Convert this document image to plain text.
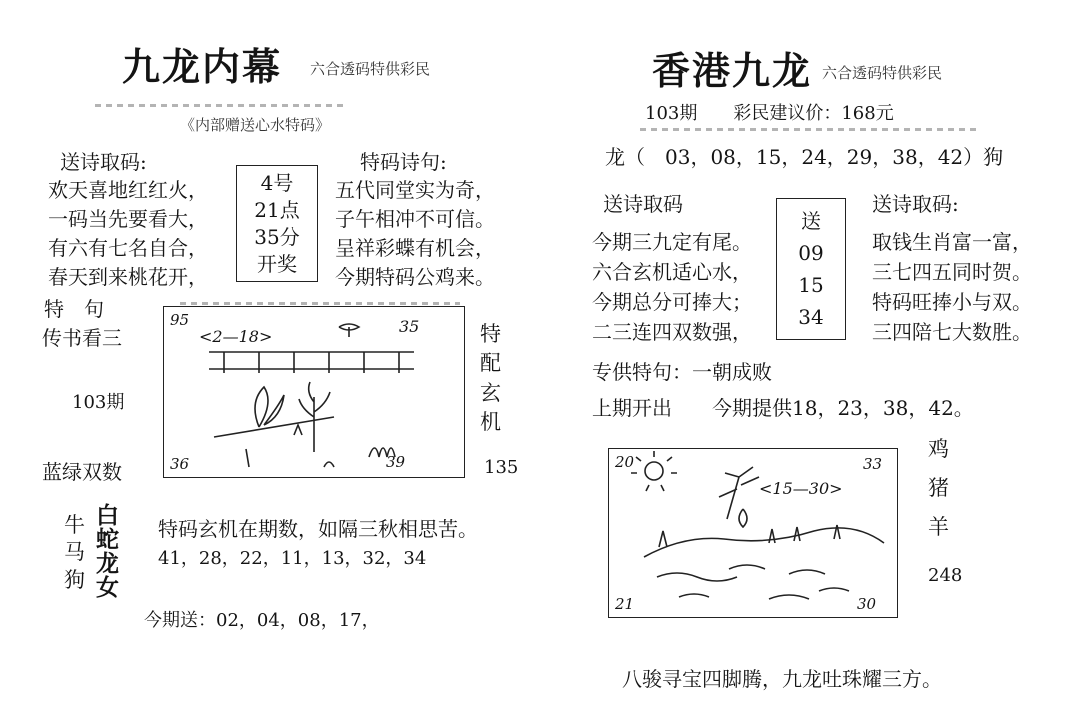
九龙内幕 六合透码特供彩民
《内部赠送心水特码》
送诗取码:	特码诗句:
欢天喜地红红火，
一码当先要看大，
有六有七名自合，
春天到来桃花开，
4号
21点
35分
开奖
五代同堂实为奇，
子午相冲不可信。
呈祥彩蝶有机会，
今期特码公鸡来。
特　句
传书看三
103期
蓝绿双数
95	35
36	39
<2—18>	特
配
玄
机
135
牛
马
狗
白
蛇
龙
女
特码玄机在期数，如隔三秋相思苦。
41，28，22，11，13，32，34
今期送：02，04，08，17，
香港九龙 六合透码特供彩民
103期　　彩民建议价：168元
龙（　03，08，15，24，29，38，42）狗
送诗取码	送诗取码:
今期三九定有尾。
六合玄机适心水，
今期总分可捧大；
二三连四双数强，
送
09
15
34
取钱生肖富一富，
三七四五同时贺。
特码旺捧小与双。
三四陪七大数胜。
专供特句：一朝成败
上期开出　　今期提供18，23，38，42。
20	33
21	30
<15—30>
鸡
猪
羊
248
八骏寻宝四脚腾，九龙吐珠耀三方。
